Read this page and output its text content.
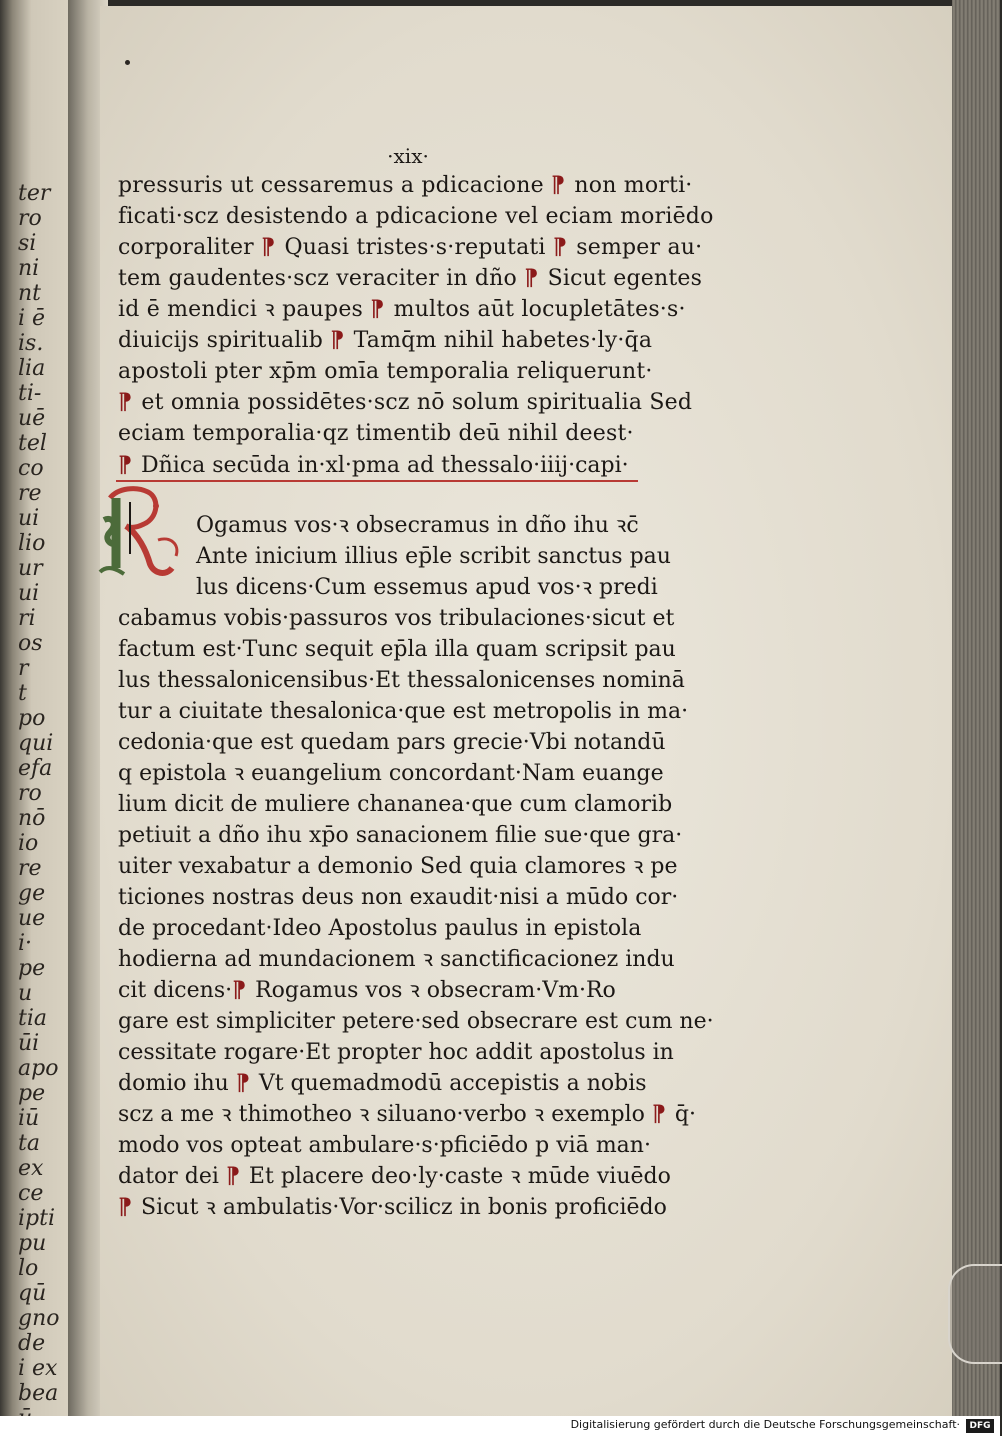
ter
ro
si
ni
nt
i ē
is.
lia
ti-
uē
tel
co
re
ui
lio
ur
ui
ri
os
r
t
po
qui
efa
ro
nō
io
re
ge
ue
i·
pe
u
tia
ūi
apo
pe
iū
ta
ex
ce
ipti
pu
lo
qū
gno
de
i ex
bea
·xix·
pressuris ut cessaremus a pdicacione ⁋ non morti·
ficati·scz desistendo a pdicacione vel eciam moriēdo
corporaliter ⁋ Quasi tristes·s·reputati ⁋ semper au·
tem gaudentes·scz veraciter in dño ⁋ Sicut egentes
id ē mendici ꝛ paupes ⁋ multos aūt locupletātes·s·
diuicijs spiritualib ⁋ Tamq̄m nihil habetes·ly·q̄a
apostoli pter xp̄m omīa temporalia reliquerunt·
⁋ et omnia possidētes·scz nō solum spiritualia Sed
eciam temporalia·qz timentib deū nihil deest·
⁋ Dñica secūda in·xl·pma ad thessalo·iiij·capi·
Ogamus vos·ꝛ obsecramus in dño ihu ꝛc̄
Ante inicium illius ep̄le scribit sanctus pau
lus dicens·Cum essemus apud vos·ꝛ predi
cabamus vobis·passuros vos tribulaciones·sicut et
factum est·Tunc sequit ep̄la illa quam scripsit pau
lus thessalonicensibus·Et thessalonicenses nominā
tur a ciuitate thesalonica·que est metropolis in ma·
cedonia·que est quedam pars grecie·Vbi notandū
q epistola ꝛ euangelium concordant·Nam euange
lium dicit de muliere chananea·que cum clamorib
petiuit a dño ihu xp̄o sanacionem filie sue·que gra·
uiter vexabatur a demonio Sed quia clamores ꝛ pe
ticiones nostras deus non exaudit·nisi a mūdo cor·
de procedant·Ideo Apostolus paulus in epistola
hodierna ad mundacionem ꝛ sanctificacionez indu
cit dicens·⁋ Rogamus vos ꝛ obsecram·Vm·Ro
gare est simpliciter petere·sed obsecrare est cum ne·
cessitate rogare·Et propter hoc addit apostolus in
domio ihu ⁋ Vt quemadmodū accepistis a nobis
scz a me ꝛ thimotheo ꝛ siluano·verbo ꝛ exemplo ⁋ q̄·
modo vos opteat ambulare·s·pficiēdo p viā man·
dator dei ⁋ Et placere deo·ly·caste ꝛ mūde viuēdo
⁋ Sicut ꝛ ambulatis·Vor·scilicz in bonis proficiēdo
Digitalisierung gefördert durch die Deutsche Forschungsgemeinschaft·	DFG
